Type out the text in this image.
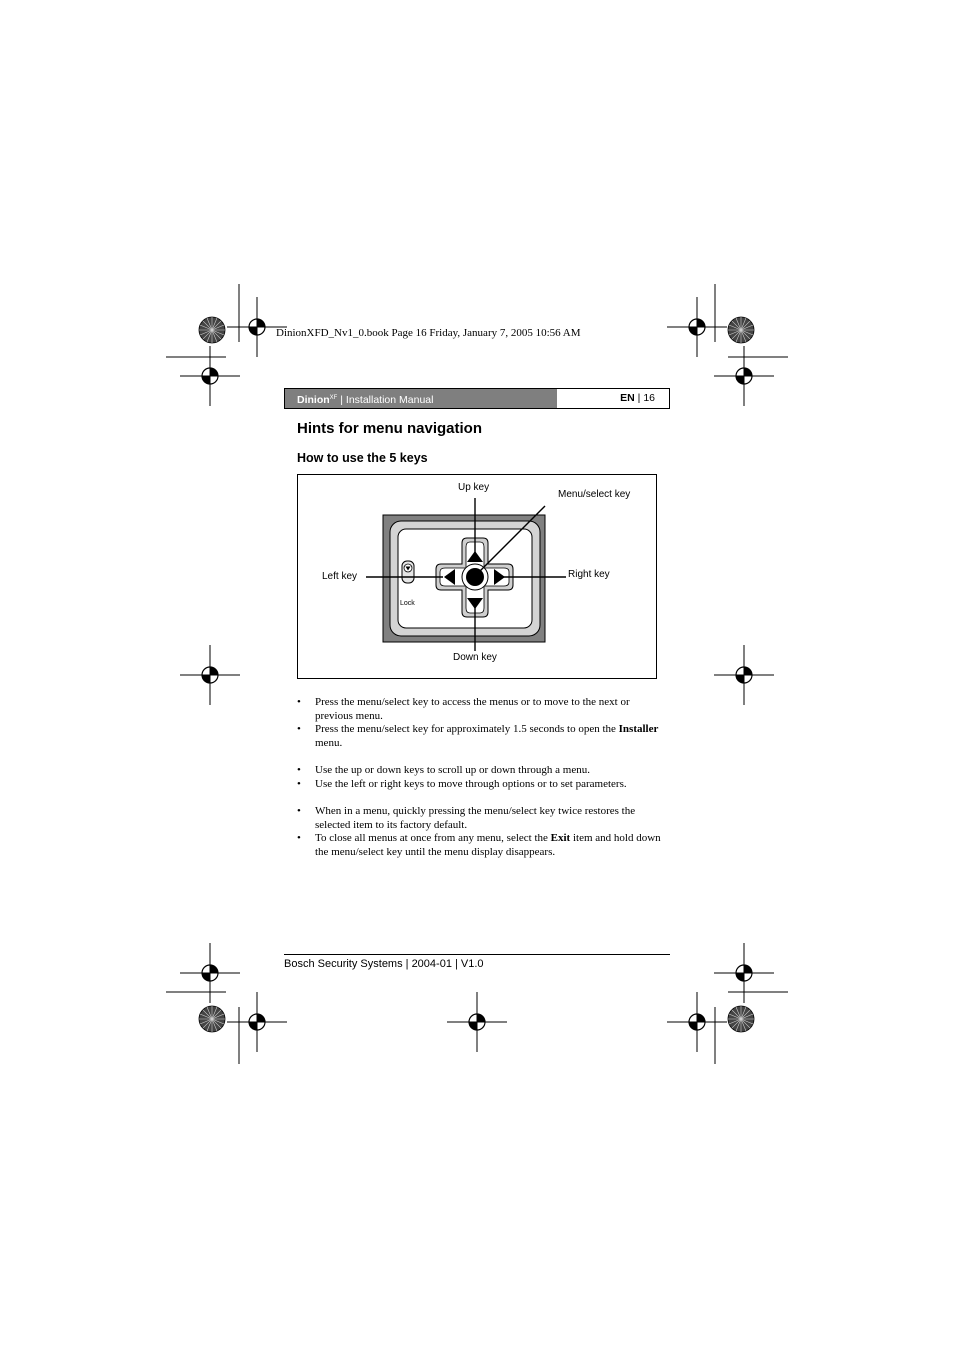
DinionXFD_Nv1_0.book Page 16 Friday, January 7, 2005 10:56 AM
Dinion$^{XF}$ | Installation Manual	EN | 16
Hints for menu navigation
How to use the 5 keys
Up key
Menu/select key
Left key	Right key
Down key
Lock
• Press the menu/select key to access the menus or to move to the next or previous menu.
• Press the menu/select key for approximately 1.5 seconds to open the Installer menu.
• Use the up or down keys to scroll up or down through a menu.
• Use the left or right keys to move through options or to set parameters.
• When in a menu, quickly pressing the menu/select key twice restores the selected item to its factory default.
• To close all menus at once from any menu, select the Exit item and hold down the menu/select key until the menu display disappears.
Bosch Security Systems | 2004-01 | V1.0
